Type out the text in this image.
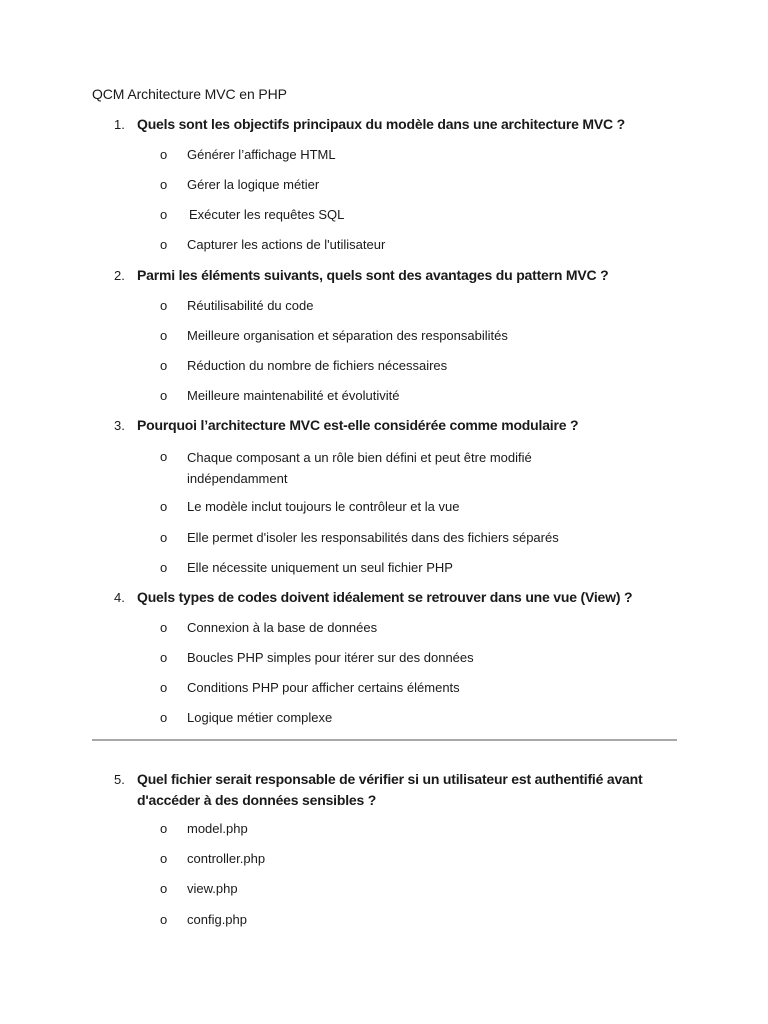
QCM Architecture MVC en PHP
1. Quels sont les objectifs principaux du modèle dans une architecture MVC ?
o Générer l’affichage HTML
o Gérer la logique métier
o Exécuter les requêtes SQL
o Capturer les actions de l'utilisateur
2. Parmi les éléments suivants, quels sont des avantages du pattern MVC ?
o Réutilisabilité du code
o Meilleure organisation et séparation des responsabilités
o Réduction du nombre de fichiers nécessaires
o Meilleure maintenabilité et évolutivité
3. Pourquoi l’architecture MVC est-elle considérée comme modulaire ?
o Chaque composant a un rôle bien défini et peut être modifié indépendamment
o Le modèle inclut toujours le contrôleur et la vue
o Elle permet d'isoler les responsabilités dans des fichiers séparés
o Elle nécessite uniquement un seul fichier PHP
4. Quels types de codes doivent idéalement se retrouver dans une vue (View) ?
o Connexion à la base de données
o Boucles PHP simples pour itérer sur des données
o Conditions PHP pour afficher certains éléments
o Logique métier complexe
5. Quel fichier serait responsable de vérifier si un utilisateur est authentifié avant d'accéder à des données sensibles ?
o model.php
o controller.php
o view.php
o config.php
